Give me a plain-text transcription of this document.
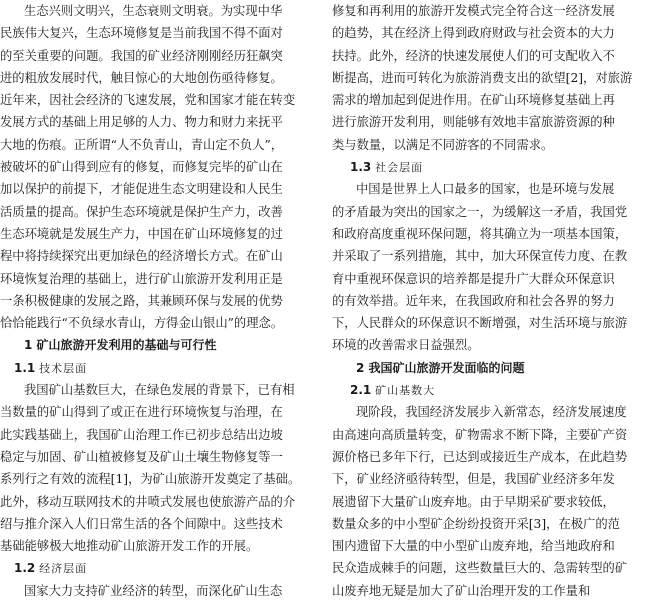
生态兴则文明兴，生态衰则文明衰。为实现中华
民族伟大复兴，生态环境修复是当前我国不得不面对
的至关重要的问题。我国的矿业经济刚刚经历狂飙突
进的粗放发展时代，触目惊心的大地创伤亟待修复。
近年来，因社会经济的飞速发展，党和国家才能在转变
发展方式的基础上用足够的人力、物力和财力来抚平
大地的伤痕。正所谓“人不负青山，青山定不负人”，
被破坏的矿山得到应有的修复，而修复完毕的矿山在
加以保护的前提下，才能促进生态文明建设和人民生
活质量的提高。保护生态环境就是保护生产力，改善
生态环境就是发展生产力，中国在矿山环境修复的过
程中将持续探究出更加绿色的经济增长方式。在矿山
环境恢复治理的基础上，进行矿山旅游开发利用正是
一条积极健康的发展之路，其兼顾环保与发展的优势
恰恰能践行“不负绿水青山，方得金山银山”的理念。
1 矿山旅游开发利用的基础与可行性
1.1 技术层面
我国矿山基数巨大，在绿色发展的背景下，已有相
当数量的矿山得到了或正在进行环境恢复与治理，在
此实践基础上，我国矿山治理工作已初步总结出边坡
稳定与加固、矿山植被修复及矿山土壤生物修复等一
系列行之有效的流程[1]，为矿山旅游开发奠定了基础。
此外，移动互联网技术的井喷式发展也使旅游产品的介
绍与推介深入人们日常生活的各个间隙中。这些技术
基础能够极大地推动矿山旅游开发工作的开展。
1.2 经济层面
国家大力支持矿业经济的转型，而深化矿山生态
修复和再利用的旅游开发模式完全符合这一经济发展
的趋势，其在经济上得到政府财政与社会资本的大力
扶持。此外，经济的快速发展使人们的可支配收入不
断提高，进而可转化为旅游消费支出的欲望[2]，对旅游
需求的增加起到促进作用。在矿山环境修复基础上再
进行旅游开发利用，则能够有效地丰富旅游资源的种
类与数量，以满足不同游客的不同需求。
1.3 社会层面
中国是世界上人口最多的国家，也是环境与发展
的矛盾最为突出的国家之一，为缓解这一矛盾，我国党
和政府高度重视环保问题，将其确立为一项基本国策，
并采取了一系列措施，其中，加大环保宣传力度、在教
育中重视环保意识的培养都是提升广大群众环保意识
的有效举措。近年来，在我国政府和社会各界的努力
下，人民群众的环保意识不断增强，对生活环境与旅游
环境的改善需求日益强烈。
2 我国矿山旅游开发面临的问题
2.1 矿山基数大
现阶段，我国经济发展步入新常态，经济发展速度
由高速向高质量转变，矿物需求不断下降，主要矿产资
源价格已多年下行，已达到或接近生产成本，在此趋势
下，矿业经济亟待转型，但是，我国矿业经济多年发
展遗留下大量矿山废弃地。由于早期采矿要求较低，
数量众多的中小型矿企纷纷投资开采[3]，在极广的范
围内遗留下大量的中小型矿山废弃地，给当地政府和
民众造成棘手的问题，这些数量巨大的、急需转型的矿
山废弃地无疑是加大了矿山治理开发的工作量和
